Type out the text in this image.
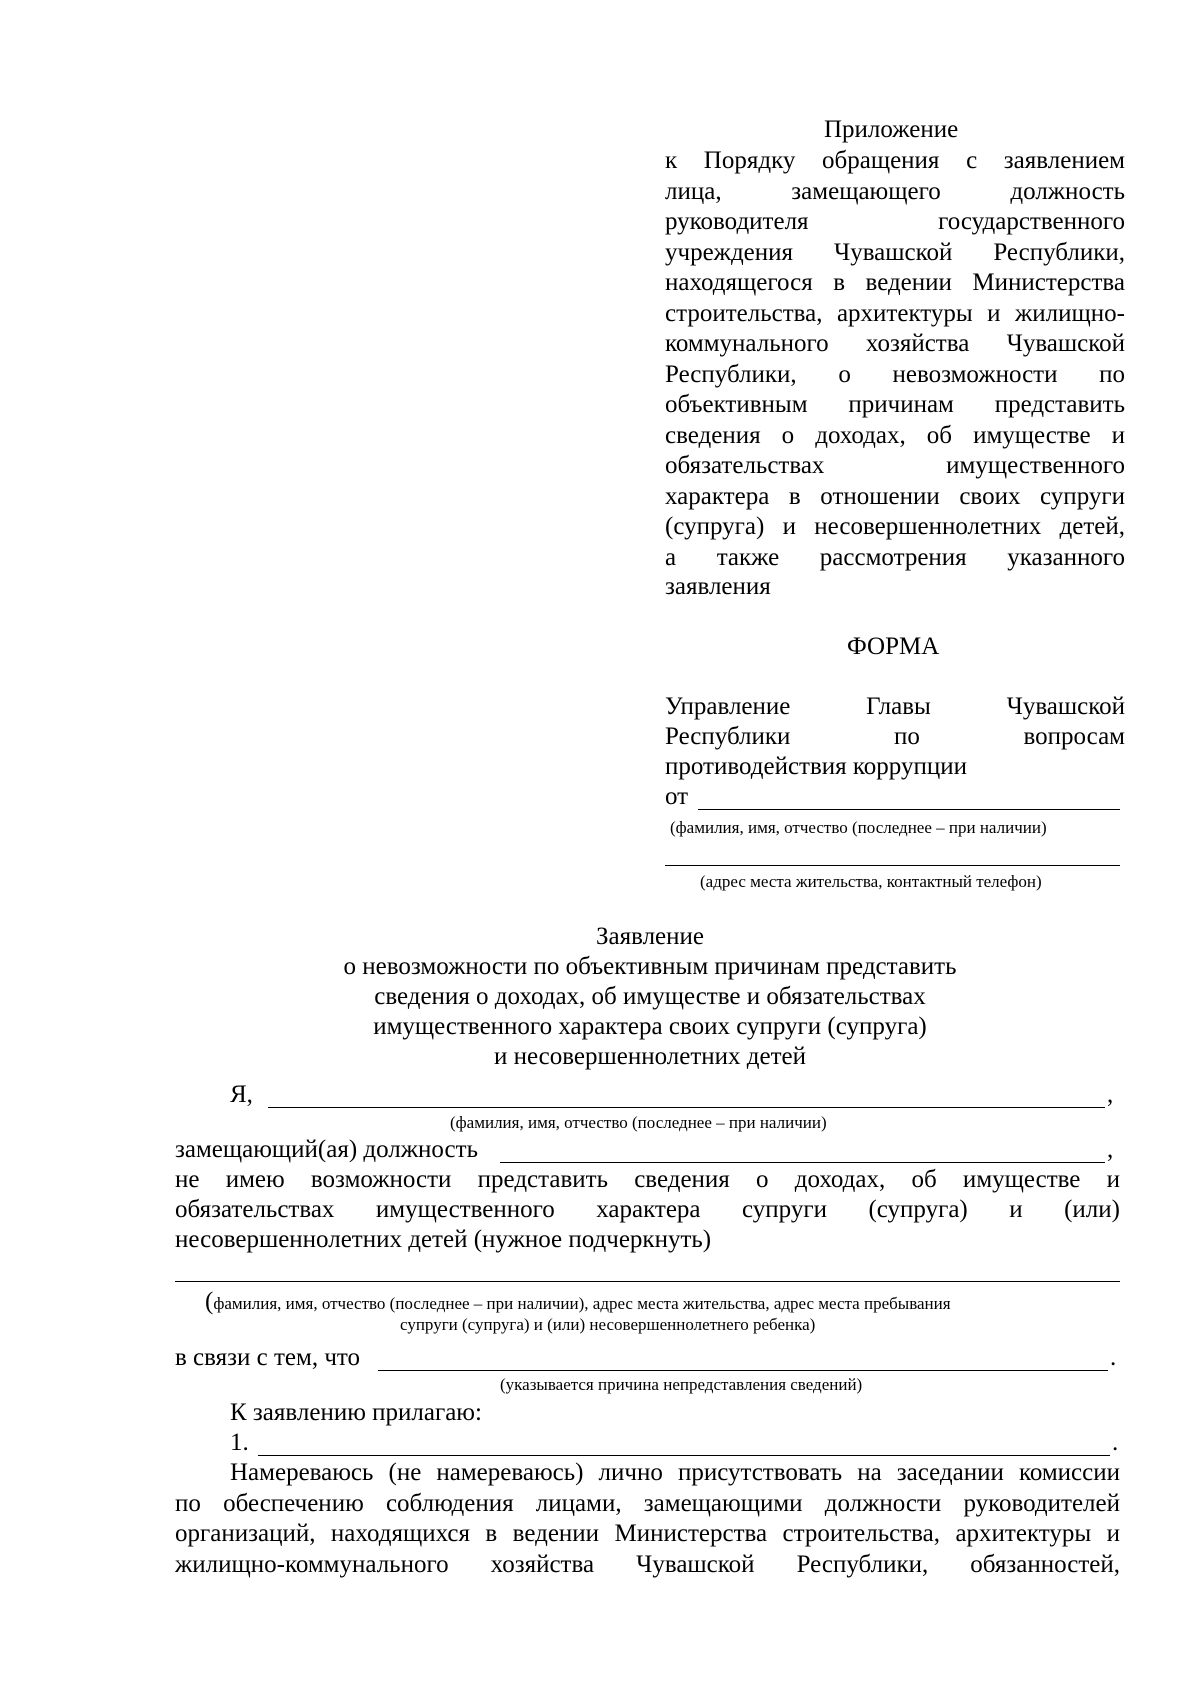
Приложение
к Порядку обращения с заявлением
лица, замещающего должность
руководителя государственного
учреждения Чувашской Республики,
находящегося в ведении Министерства
строительства, архитектуры и жилищно-
коммунального хозяйства Чувашской
Республики, о невозможности по
объективным причинам представить
сведения о доходах, об имуществе и
обязательствах имущественного
характера в отношении своих супруги
(супруга) и несовершеннолетних детей,
а также рассмотрения указанного
заявления
ФОРМА
Управление Главы Чувашской
Республики по вопросам
противодействия коррупции
от
(фамилия, имя, отчество (последнее – при наличии)
(адрес места жительства, контактный телефон)
Заявление
о невозможности по объективным причинам представить
сведения о доходах, об имуществе и обязательствах
имущественного характера своих супруги (супруга)
и несовершеннолетних детей
Я,	,
(фамилия, имя, отчество (последнее – при наличии)
замещающий(ая) должность	,
не имею возможности представить сведения о доходах, об имуществе и
обязательствах имущественного характера супруги (супруга) и (или)
несовершеннолетних детей (нужное подчеркнуть)
(фамилия, имя, отчество (последнее – при наличии), адрес места жительства, адрес места пребывания
супруги (супруга) и (или) несовершеннолетнего ребенка)
в связи с тем, что	.
(указывается причина непредставления сведений)
К заявлению прилагаю:
1.	.
Намереваюсь (не намереваюсь) лично присутствовать на заседании комиссии
по обеспечению соблюдения лицами, замещающими должности руководителей
организаций, находящихся в ведении Министерства строительства, архитектуры и
жилищно-коммунального хозяйства Чувашской Республики, обязанностей,
